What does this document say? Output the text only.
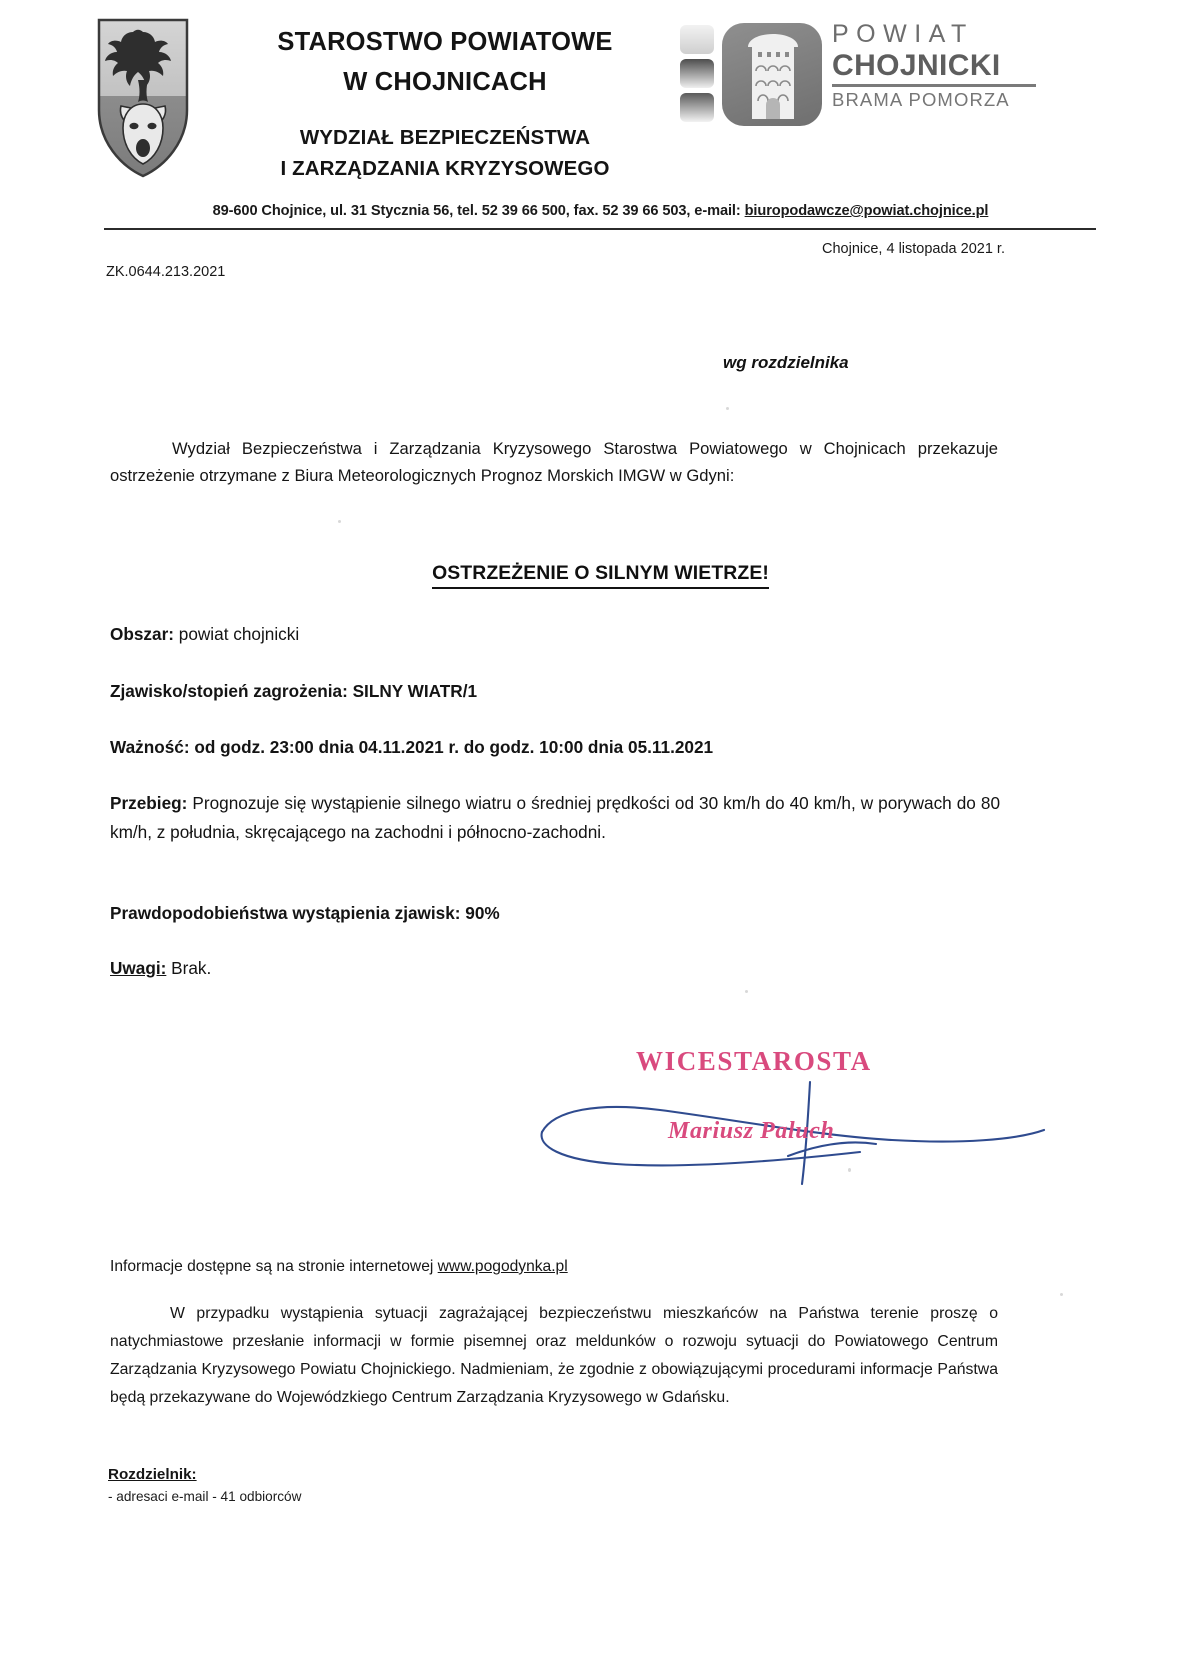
STAROSTWO POWIATOWE
W CHOJNICACH
WYDZIAŁ BEZPIECZEŃSTWA
I ZARZĄDZANIA KRYZYSOWEGO
POWIAT
CHOJNICKI
BRAMA POMORZA
89-600 Chojnice, ul. 31 Stycznia 56, tel. 52 39 66 500, fax. 52 39 66 503, e-mail: biuropodawcze@powiat.chojnice.pl
Chojnice, 4 listopada 2021 r.
ZK.0644.213.2021
wg rozdzielnika
Wydział Bezpieczeństwa i Zarządzania Kryzysowego Starostwa Powiatowego w Chojnicach przekazuje ostrzeżenie otrzymane z Biura Meteorologicznych Prognoz Morskich IMGW w Gdyni:
OSTRZEŻENIE O SILNYM WIETRZE!
Obszar: powiat chojnicki
Zjawisko/stopień zagrożenia: SILNY WIATR/1
Ważność: od godz. 23:00 dnia 04.11.2021 r. do godz. 10:00 dnia 05.11.2021
Przebieg: Prognozuje się wystąpienie silnego wiatru o średniej prędkości od 30 km/h do 40 km/h, w porywach do 80 km/h, z południa, skręcającego na zachodni i północno-zachodni.
Prawdopodobieństwa wystąpienia zjawisk: 90%
Uwagi: Brak.
WICESTAROSTA
Mariusz Paluch
Informacje dostępne są na stronie internetowej www.pogodynka.pl
W przypadku wystąpienia sytuacji zagrażającej bezpieczeństwu mieszkańców na Państwa terenie proszę o natychmiastowe przesłanie informacji w formie pisemnej oraz meldunków o rozwoju sytuacji do Powiatowego Centrum Zarządzania Kryzysowego Powiatu Chojnickiego. Nadmieniam, że zgodnie z obowiązującymi procedurami informacje Państwa będą przekazywane do Wojewódzkiego Centrum Zarządzania Kryzysowego w Gdańsku.
Rozdzielnik:
- adresaci e-mail - 41 odbiorców
